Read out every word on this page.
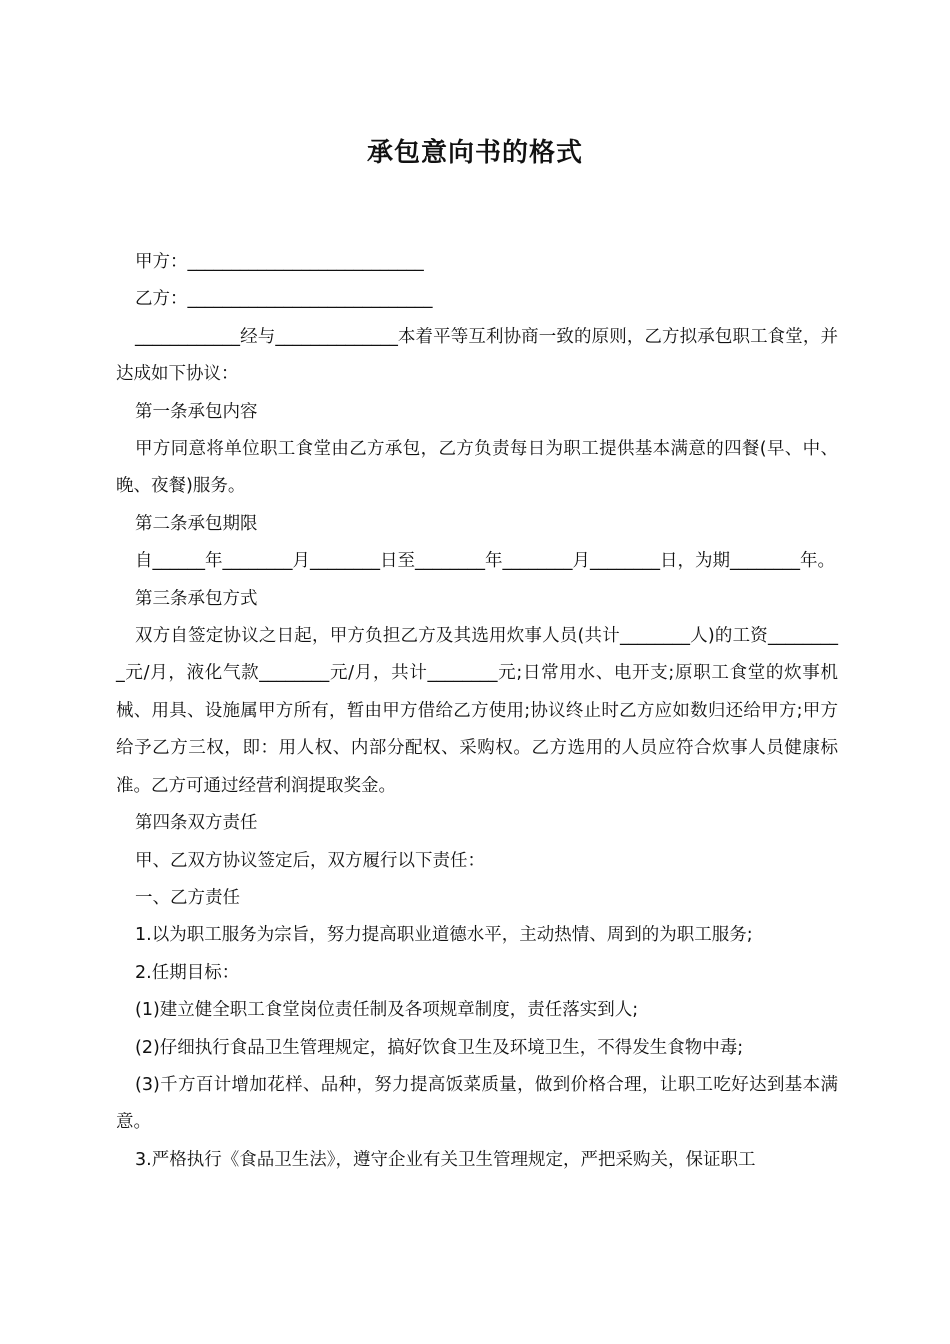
承包意向书的格式

甲方：___________________________

乙方：____________________________

____________经与______________本着平等互利协商一致的原则，乙方拟承包职工食堂，并达成如下协议：

第一条承包内容

甲方同意将单位职工食堂由乙方承包，乙方负责每日为职工提供基本满意的四餐(早、中、晚、夜餐)服务。

第二条承包期限

自______年________月________日至________年________月________日，为期________年。

第三条承包方式

双方自签定协议之日起，甲方负担乙方及其选用炊事人员(共计________人)的工资_________元/月，液化气款________元/月，共计________元;日常用水、电开支;原职工食堂的炊事机械、用具、设施属甲方所有，暂由甲方借给乙方使用;协议终止时乙方应如数归还给甲方;甲方给予乙方三权，即：用人权、内部分配权、采购权。乙方选用的人员应符合炊事人员健康标准。乙方可通过经营利润提取奖金。

第四条双方责任

甲、乙双方协议签定后，双方履行以下责任：

一、乙方责任

1.以为职工服务为宗旨，努力提高职业道德水平，主动热情、周到的为职工服务;

2.任期目标：

(1)建立健全职工食堂岗位责任制及各项规章制度，责任落实到人;

(2)仔细执行食品卫生管理规定，搞好饮食卫生及环境卫生，不得发生食物中毒;

(3)千方百计增加花样、品种，努力提高饭菜质量，做到价格合理，让职工吃好达到基本满意。

3.严格执行《食品卫生法》，遵守企业有关卫生管理规定，严把采购关，保证职工
